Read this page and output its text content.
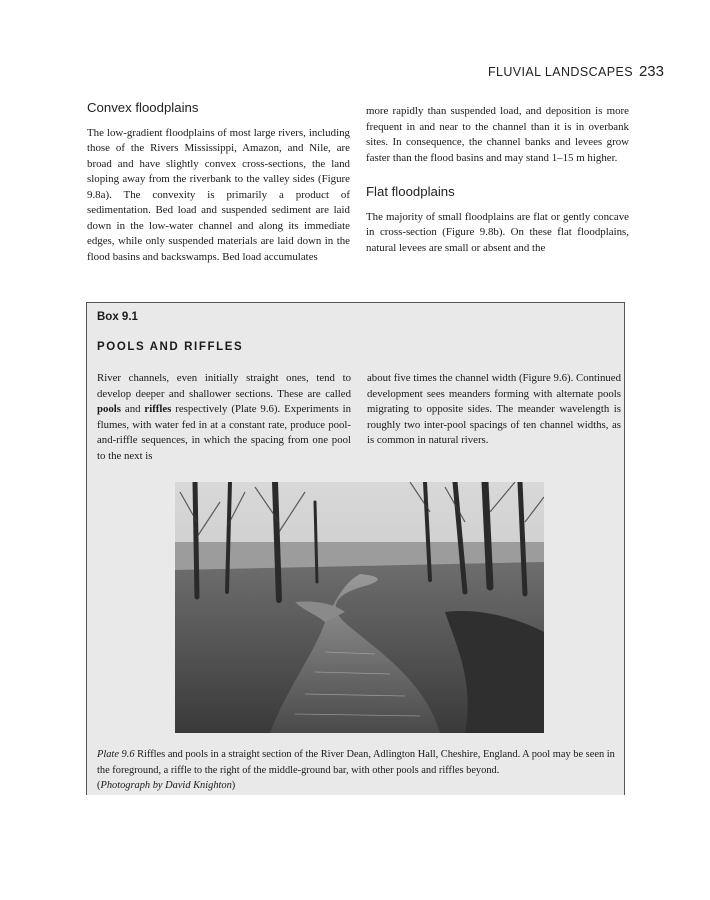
FLUVIAL LANDSCAPES 233
Convex floodplains

The low-gradient floodplains of most large rivers, including those of the Rivers Mississippi, Amazon, and Nile, are broad and have slightly convex cross-sections, the land sloping away from the riverbank to the valley sides (Figure 9.8a). The convexity is primarily a product of sedimentation. Bed load and suspended sediment are laid down in the low-water channel and along its immediate edges, while only suspended materials are laid down in the flood basins and backswamps. Bed load accumulates

more rapidly than suspended load, and deposition is more frequent in and near to the channel than it is in overbank sites. In consequence, the channel banks and levees grow faster than the flood basins and may stand 1–15 m higher.

Flat floodplains

The majority of small floodplains are flat or gently concave in cross-section (Figure 9.8b). On these flat floodplains, natural levees are small or absent and the

Box 9.1
POOLS AND RIFFLES

River channels, even initially straight ones, tend to develop deeper and shallower sections. These are called pools and riffles respectively (Plate 9.6). Experiments in flumes, with water fed in at a constant rate, produce pool-and-riffle sequences, in which the spacing from one pool to the next is

about five times the channel width (Figure 9.6). Continued development sees meanders forming with alternate pools migrating to opposite sides. The meander wavelength is roughly two inter-pool spacings of ten channel widths, as is common in natural rivers.

Plate 9.6 Riffles and pools in a straight section of the River Dean, Adlington Hall, Cheshire, England. A pool may be seen in the foreground, a riffle to the right of the middle-ground bar, with other pools and riffles beyond.
(Photograph by David Knighton)
